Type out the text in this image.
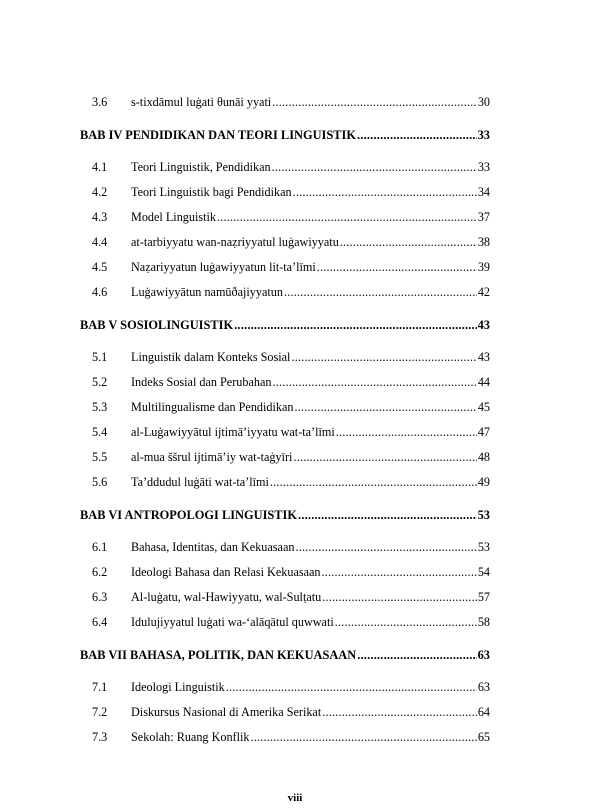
3.6	s-tixdāmul luġati θunāi yyati .....	30
BAB IV PENDIDIKAN DAN TEORI LINGUISTIK .....	33
4.1	Teori Linguistik, Pendidikan .....	33
4.2	Teori Linguistik bagi Pendidikan .....	34
4.3	Model Linguistik .....	37
4.4	at-tarbiyyatu wan-naẓriyyatul luġawiyyatu .....	38
4.5	Naẓariyyatun luġawiyyatun lit-ta’līmi .....	39
4.6	Luġawiyyātun namūðajiyyatun .....	42
BAB V SOSIOLINGUISTIK .....	43
5.1	Linguistik dalam Konteks Sosial .....	43
5.2	Indeks Sosial dan Perubahan .....	44
5.3	Multilingualisme dan Pendidikan .....	45
5.4	al-Luġawiyyātul ijtimā’iyyatu wat-ta’līmi .....	47
5.5	al-mua ššrul ijtimā’iy wat-taġyīri .....	48
5.6	Ta’ddudul luġāti wat-ta’līmi .....	49
BAB VI ANTROPOLOGI LINGUISTIK .....	53
6.1	Bahasa, Identitas, dan Kekuasaan .....	53
6.2	Ideologi Bahasa dan Relasi Kekuasaan .....	54
6.3	Al-luġatu, wal-Hawiyyatu, wal-Sulṭatu .....	57
6.4	Idulujiyyatul luġati wa-‘alāqātul quwwati .....	58
BAB VII BAHASA, POLITIK, DAN KEKUASAAN .....	63
7.1	Ideologi Linguistik .....	63
7.2	Diskursus Nasional di Amerika Serikat .....	64
7.3	Sekolah: Ruang Konflik .....	65
viii
